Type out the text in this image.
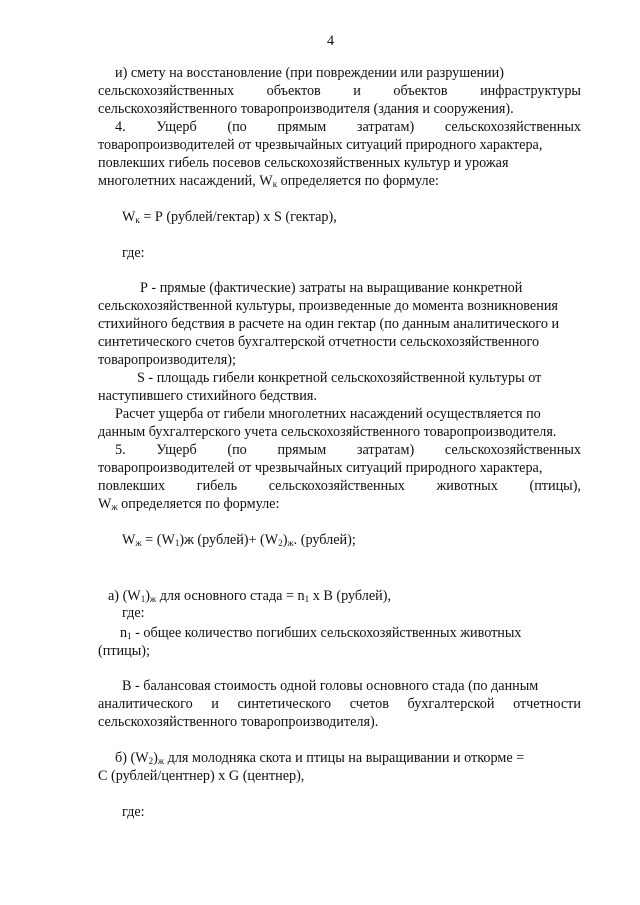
4
и) смету на восстановление (при повреждении или разрушении)
сельскохозяйственных объектов и объектов инфраструктуры
сельскохозяйственного товаропроизводителя (здания и сооружения).
4. Ущерб (по прямым затратам) сельскохозяйственных
товаропроизводителей от чрезвычайных ситуаций природного характера,
повлекших гибель посевов сельскохозяйственных культур и урожая
многолетних насаждений, $W_к$ определяется по формуле:
$W_к = Р$ (рублей/гектар) х S (гектар),
где:
Р - прямые (фактические) затраты на выращивание конкретной
сельскохозяйственной культуры, произведенные до момента возникновения
стихийного бедствия в расчете на один гектар (по данным аналитического и
синтетического счетов бухгалтерской отчетности сельскохозяйственного
товаропроизводителя);
S - площадь гибели конкретной сельскохозяйственной культуры от
наступившего стихийного бедствия.
Расчет ущерба от гибели многолетних насаждений осуществляется по
данным бухгалтерского учета сельскохозяйственного товаропроизводителя.
5. Ущерб (по прямым затратам) сельскохозяйственных
товаропроизводителей от чрезвычайных ситуаций природного характера,
повлекших гибель сельскохозяйственных животных (птицы),
$W_ж$ определяется по формуле:
$W_ж = (W_1)ж$ (рублей)+ $(W_2)_ж$. (рублей);
а) $(W_1)_ж$ для основного стада = $n_1$ х В (рублей),
где:
$n_1$ - общее количество погибших сельскохозяйственных животных
(птицы);
В - балансовая стоимость одной головы основного стада (по данным
аналитического и синтетического счетов бухгалтерской отчетности
сельскохозяйственного товаропроизводителя).
б) $(W_2)_ж$ для молодняка скота и птицы на выращивании и откорме =
С (рублей/центнер) х G (центнер),
где:
